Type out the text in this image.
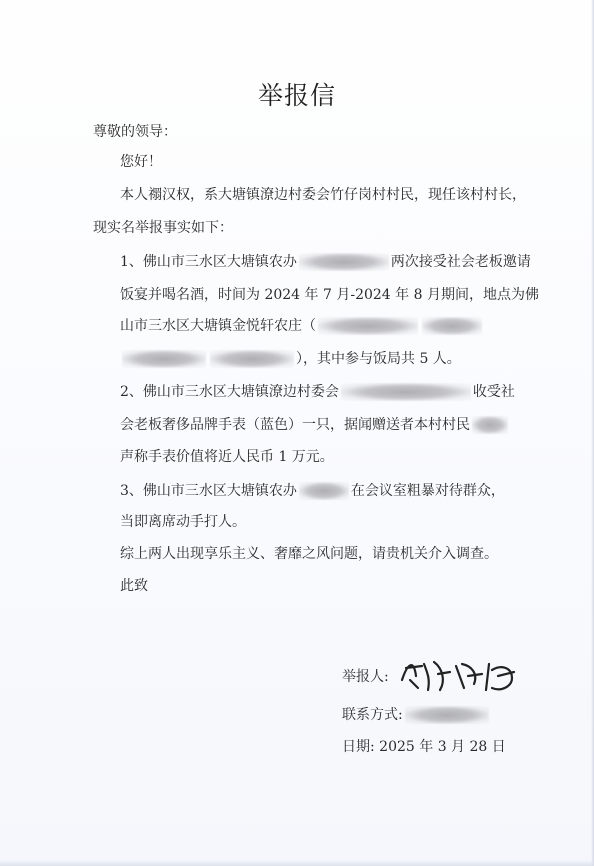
举报信
尊敬的领导：
您好！
本人禤汉权，系大塘镇潦边村委会竹仔岗村村民，现任该村村长，
现实名举报事实如下：
1、佛山市三水区大塘镇农办	两次接受社会老板邀请
饭宴并喝名酒，时间为 2024 年 7 月-2024 年 8 月期间，地点为佛
山市三水区大塘镇金悦轩农庄（
），其中参与饭局共 5 人。
2、佛山市三水区大塘镇潦边村委会	收受社
会老板奢侈品牌手表（蓝色）一只，据闻赠送者本村村民
声称手表价值将近人民币 1 万元。
3、佛山市三水区大塘镇农办	在会议室粗暴对待群众，
当即离席动手打人。
综上两人出现享乐主义、奢靡之风问题，请贵机关介入调查。
此致
举报人:
联系方式:
日期: 2025 年 3 月 28 日
